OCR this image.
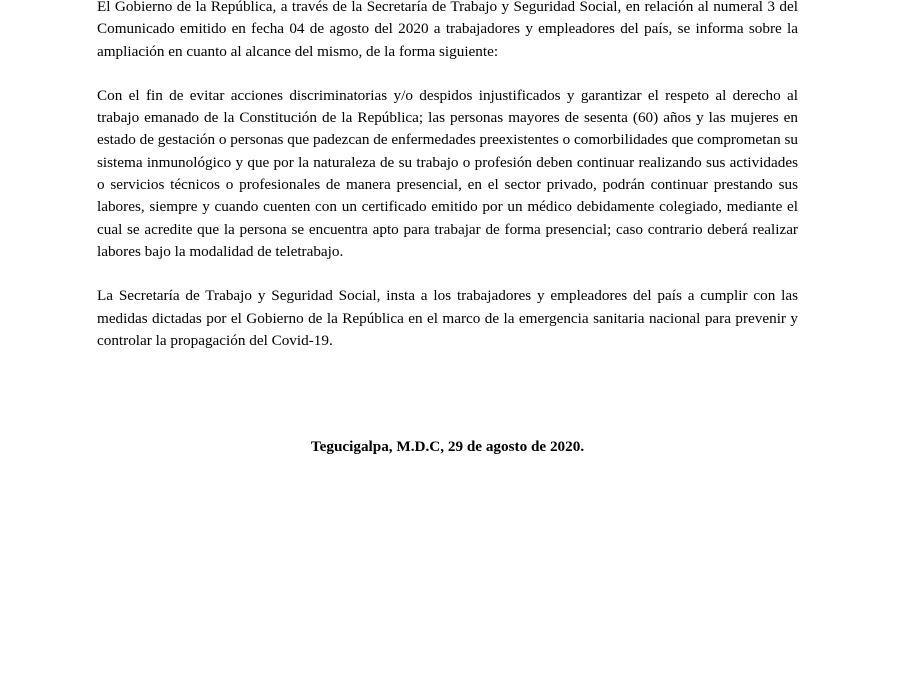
El Gobierno de la República, a través de la Secretaría de Trabajo y Seguridad Social, en relación al numeral 3 del Comunicado emitido en fecha 04 de agosto del 2020 a trabajadores y empleadores del país, se informa sobre la ampliación en cuanto al alcance del mismo, de la forma siguiente:

Con el fin de evitar acciones discriminatorias y/o despidos injustificados y garantizar el respeto al derecho al trabajo emanado de la Constitución de la República; las personas mayores de sesenta (60) años y las mujeres en estado de gestación o personas que padezcan de enfermedades preexistentes o comorbilidades que comprometan su sistema inmunológico y que por la naturaleza de su trabajo o profesión deben continuar realizando sus actividades o servicios técnicos o profesionales de manera presencial, en el sector privado, podrán continuar prestando sus labores, siempre y cuando cuenten con un certificado emitido por un médico debidamente colegiado, mediante el cual se acredite que la persona se encuentra apto para trabajar de forma presencial; caso contrario deberá realizar labores bajo la modalidad de teletrabajo.

La Secretaría de Trabajo y Seguridad Social, insta a los trabajadores y empleadores del país a cumplir con las medidas dictadas por el Gobierno de la República en el marco de la emergencia sanitaria nacional para prevenir y controlar la propagación del Covid-19.

Tegucigalpa, M.D.C, 29 de agosto de 2020.
